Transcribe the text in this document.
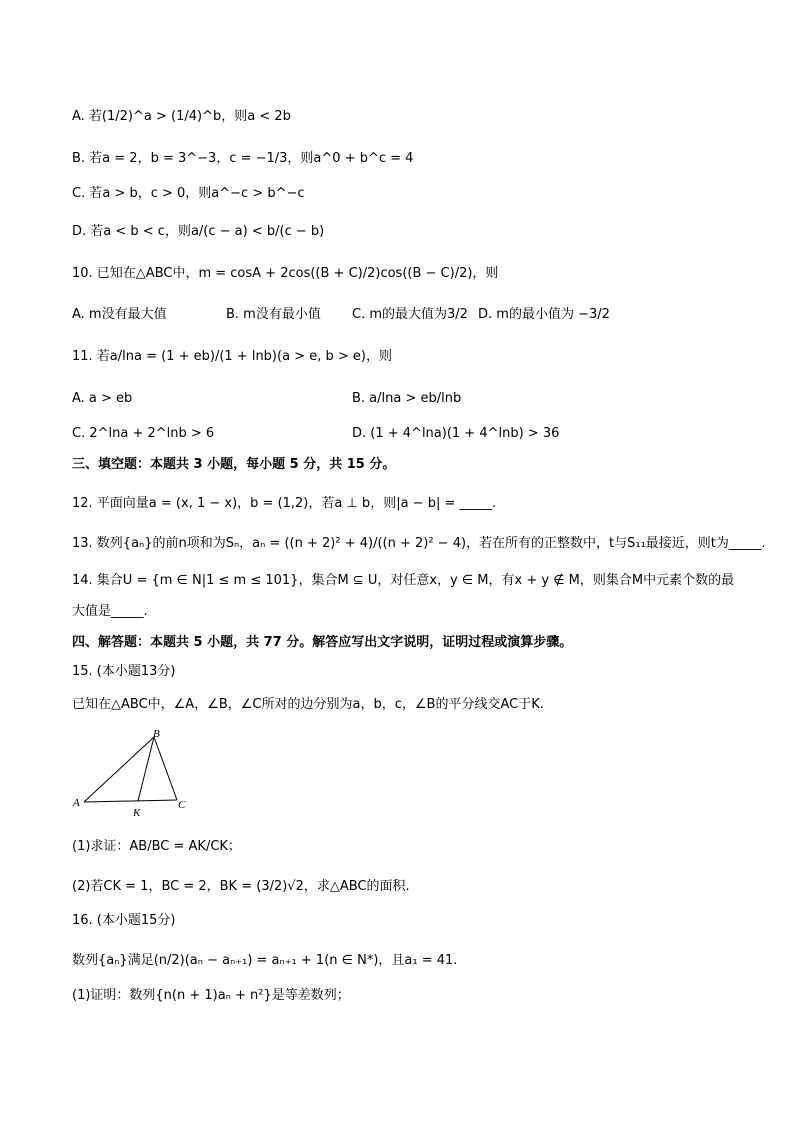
A. 若(1/2)^a > (1/4)^b，则a < 2b
B. 若a = 2，b = 3^−3，c = −1/3，则a^0 + b^c = 4
C. 若a > b，c > 0，则a^−c > b^−c
D. 若a < b < c，则a/(c − a) < b/(c − b)
10. 已知在△ABC中，m = cosA + 2cos((B + C)/2)cos((B − C)/2)，则
A. m没有最大值	B. m没有最小值 C. m的最大值为3/2 D. m的最小值为 −3/2
11. 若a/lna = (1 + eb)/(1 + lnb)(a > e, b > e)，则
A. a > eb	B. a/lna > eb/lnb
C. 2^lna + 2^lnb > 6	D. (1 + 4^lna)(1 + 4^lnb) > 36
三、填空题：本题共 3 小题，每小题 5 分，共 15 分。
12. 平面向量a = (x, 1 − x)，b = (1,2)，若a ⊥ b，则|a − b| = _____.
13. 数列{aₙ}的前n项和为Sₙ，aₙ = ((n + 2)² + 4)/((n + 2)² − 4)，若在所有的正整数中，t与S₁₁最接近，则t为_____.
14. 集合U = {m ∈ N|1 ≤ m ≤ 101}，集合M ⊆ U，对任意x，y ∈ M，有x + y ∉ M，则集合M中元素个数的最
大值是_____.
四、解答题：本题共 5 小题，共 77 分。解答应写出文字说明，证明过程或演算步骤。
15. (本小题13分)
已知在△ABC中，∠A，∠B，∠C所对的边分别为a，b，c，∠B的平分线交AC于K.
B
A	C
K
(1)求证：AB/BC = AK/CK；
(2)若CK = 1，BC = 2，BK = (3/2)√2，求△ABC的面积.
16. (本小题15分)
数列{aₙ}满足(n/2)(aₙ − aₙ₊₁) = aₙ₊₁ + 1(n ∈ N*)，且a₁ = 41.
(1)证明：数列{n(n + 1)aₙ + n²}是等差数列；
